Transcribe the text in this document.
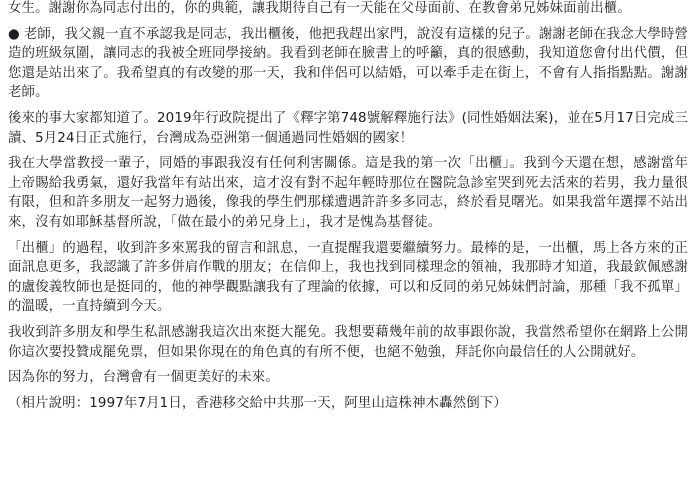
女生。謝謝你為同志付出的，你的典範，讓我期待自己有一天能在父母面前、在教會弟兄姊妹面前出櫃。

● 老師，我父親一直不承認我是同志，我出櫃後，他把我趕出家門，說沒有這樣的兒子。謝謝老師在我念大學時營造的班級氛圍，讓同志的我被全班同學接納。我看到老師在臉書上的呼籲，真的很感動，我知道您會付出代價，但您還是站出來了。我希望真的有改變的那一天，我和伴侶可以結婚，可以牽手走在街上，不會有人指指點點。謝謝老師。

後來的事大家都知道了。2019年行政院提出了《釋字第748號解釋施行法》(同性婚姻法案)，並在5月17日完成三讀、5月24日正式施行，台灣成為亞洲第一個通過同性婚姻的國家！

我在大學當教授一輩子，同婚的事跟我沒有任何利害關係。這是我的第一次「出櫃」。我到今天還在想，感謝當年上帝賜給我勇氣，還好我當年有站出來，這才沒有對不起年輕時那位在醫院急診室哭到死去活來的若男，我力量很有限，但和許多朋友一起努力過後，像我的學生們那樣遭遇許許多多同志，終於看見曙光。如果我當年選擇不站出來，沒有如耶穌基督所說，「做在最小的弟兄身上」，我才是愧為基督徒。

「出櫃」的過程，收到許多來罵我的留言和訊息，一直提醒我還要繼續努力。最棒的是，一出櫃，馬上各方來的正面訊息更多，我認識了許多併肩作戰的朋友；在信仰上，我也找到同樣理念的領袖，我那時才知道，我最欽佩感謝的盧俊義牧師也是挺同的，他的神學觀點讓我有了理論的依據，可以和反同的弟兄姊妹們討論，那種「我不孤單」的溫暖，一直持續到今天。

我收到許多朋友和學生私訊感謝我這次出來挺大罷免。我想要藉幾年前的故事跟你說，我當然希望你在網路上公開你這次要投贊成罷免票，但如果你現在的角色真的有所不便，也絕不勉強，拜託你向最信任的人公開就好。

因為你的努力，台灣會有一個更美好的未來。

（相片說明：1997年7月1日，香港移交給中共那一天，阿里山這株神木轟然倒下）
